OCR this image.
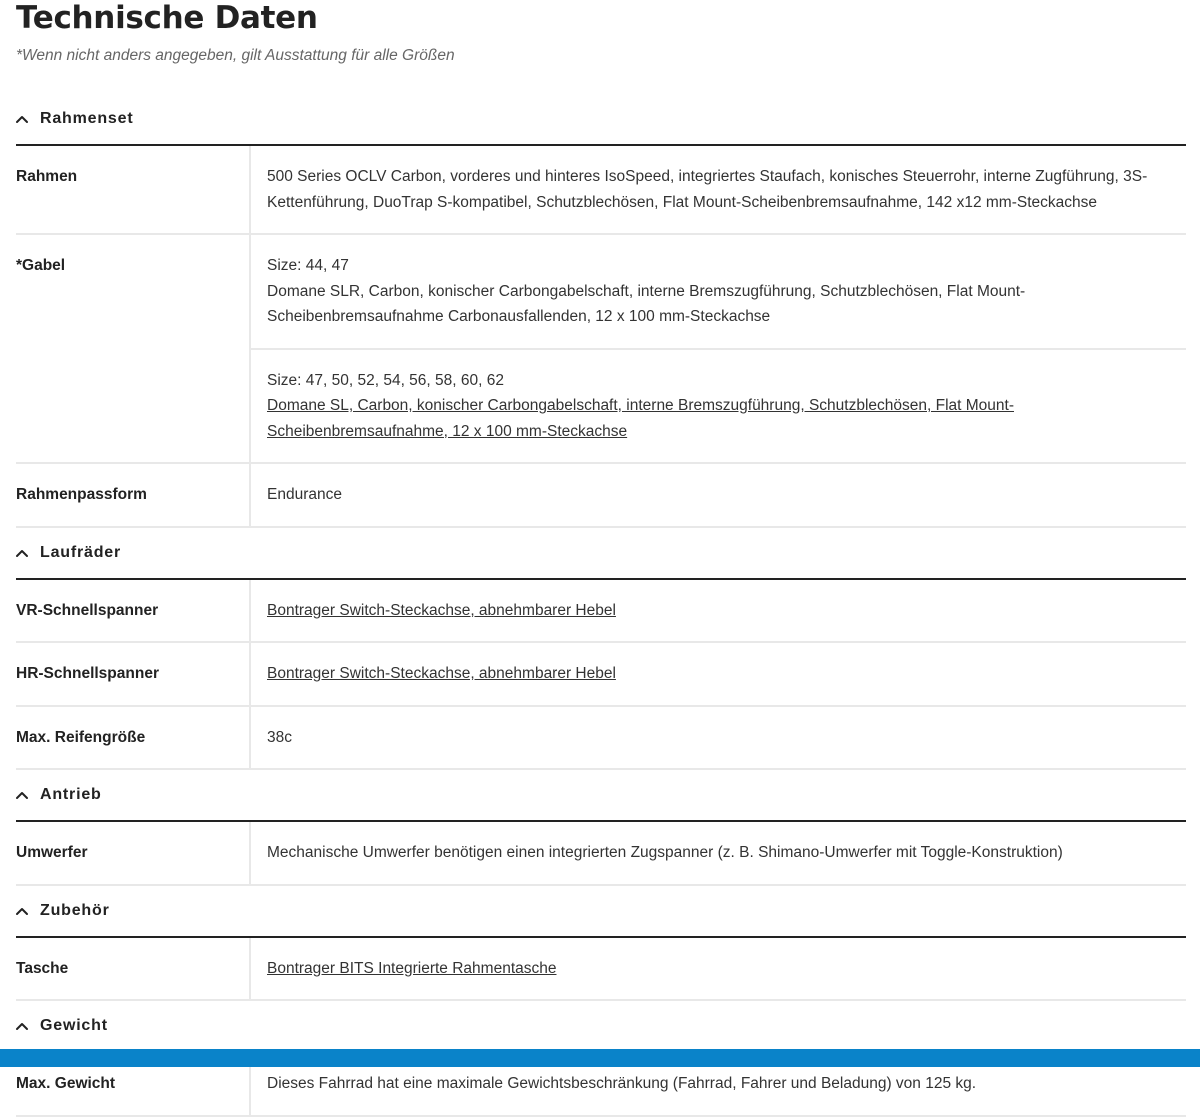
Technische Daten
*Wenn nicht anders angegeben, gilt Ausstattung für alle Größen
Rahmenset
Rahmen	500 Series OCLV Carbon, vorderes und hinteres IsoSpeed, integriertes Staufach, konisches Steuerrohr, interne Zugführung, 3S-Kettenführung, DuoTrap S-kompatibel, Schutzblechösen, Flat Mount-Scheibenbremsaufnahme, 142 x12 mm-Steckachse
*Gabel	Size: 44, 47
Domane SLR, Carbon, konischer Carbongabelschaft, interne Bremszugführung, Schutzblechösen, Flat Mount-Scheibenbremsaufnahme Carbonausfallenden, 12 x 100 mm-Steckachse
Size: 47, 50, 52, 54, 56, 58, 60, 62
Domane SL, Carbon, konischer Carbongabelschaft, interne Bremszugführung, Schutzblechösen, Flat Mount-Scheibenbremsaufnahme, 12 x 100 mm-Steckachse
Rahmenpassform	Endurance
Laufräder
VR-Schnellspanner	Bontrager Switch-Steckachse, abnehmbarer Hebel
HR-Schnellspanner	Bontrager Switch-Steckachse, abnehmbarer Hebel
Max. Reifengröße	38c
Antrieb
Umwerfer	Mechanische Umwerfer benötigen einen integrierten Zugspanner (z. B. Shimano-Umwerfer mit Toggle-Konstruktion)
Zubehör
Tasche	Bontrager BITS Integrierte Rahmentasche
Gewicht
Max. Gewicht	Dieses Fahrrad hat eine maximale Gewichtsbeschränkung (Fahrrad, Fahrer und Beladung) von 125 kg.
